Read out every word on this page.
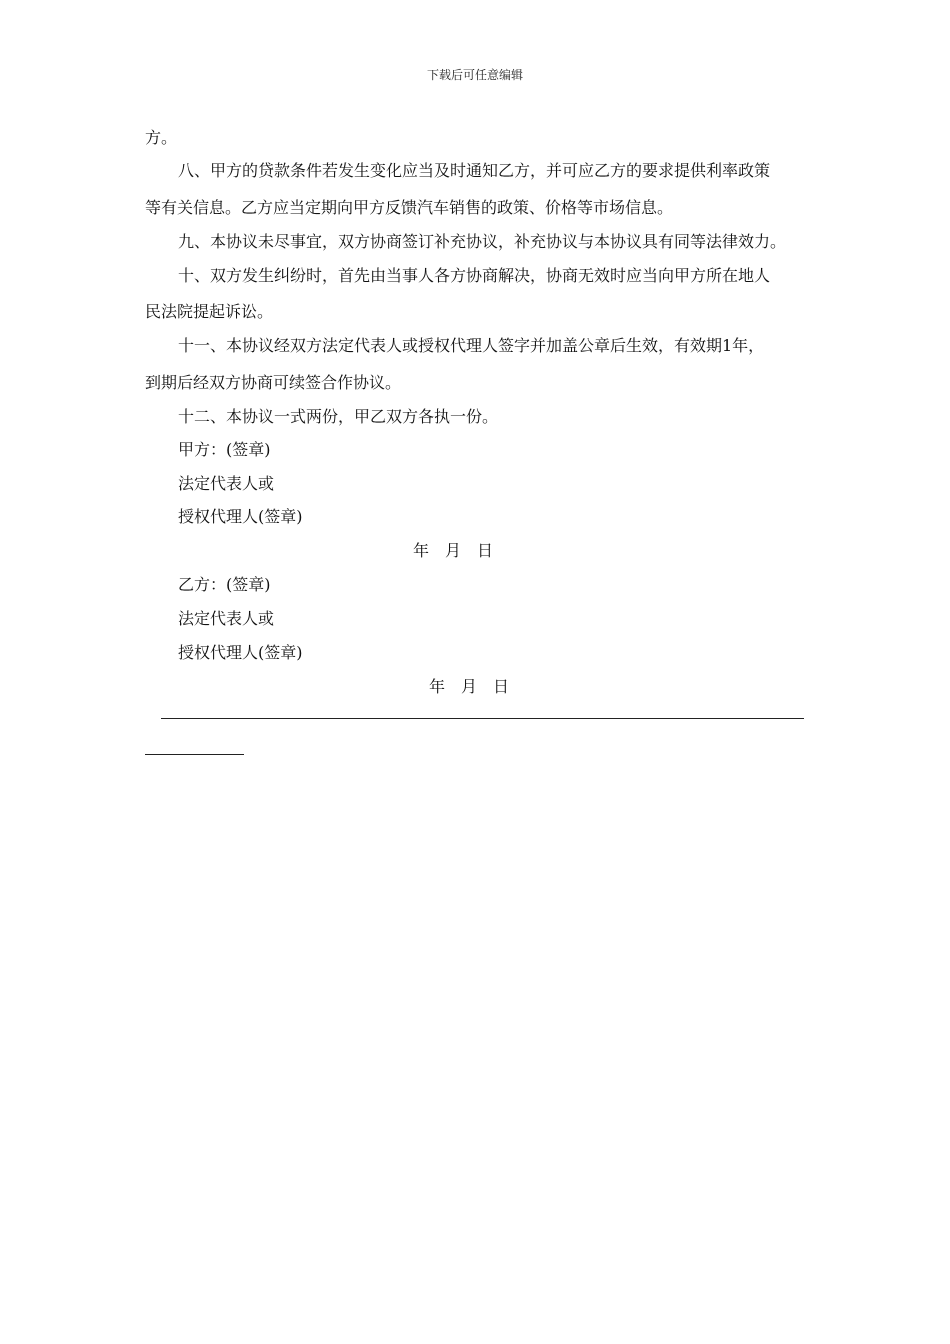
下载后可任意编辑
方。
八、甲方的贷款条件若发生变化应当及时通知乙方，并可应乙方的要求提供利率政策
等有关信息。乙方应当定期向甲方反馈汽车销售的政策、价格等市场信息。
九、本协议未尽事宜，双方协商签订补充协议，补充协议与本协议具有同等法律效力。
十、双方发生纠纷时，首先由当事人各方协商解决，协商无效时应当向甲方所在地人
民法院提起诉讼。
十一、本协议经双方法定代表人或授权代理人签字并加盖公章后生效，有效期1年，
到期后经双方协商可续签合作协议。
十二、本协议一式两份，甲乙双方各执一份。
甲方：(签章)
法定代表人或
授权代理人(签章)
年　月　日
乙方：(签章)
法定代表人或
授权代理人(签章)
年　月　日
